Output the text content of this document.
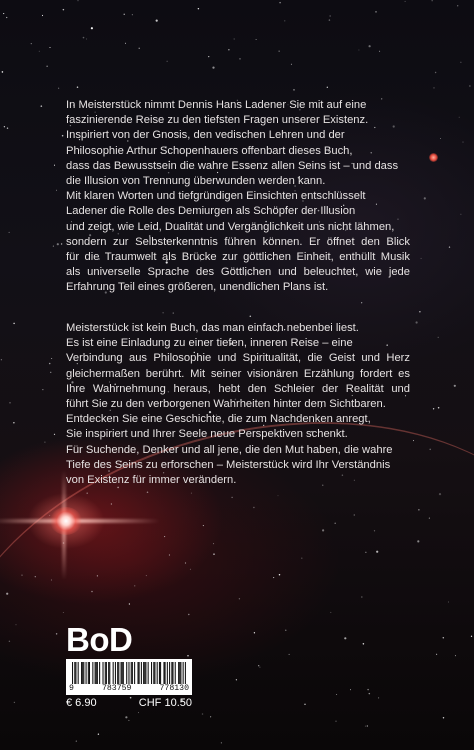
In Meisterstück nimmt Dennis Hans Ladener Sie mit auf eine
faszinierende Reise zu den tiefsten Fragen unserer Existenz.
Inspiriert von der Gnosis, den vedischen Lehren und der
Philosophie Arthur Schopenhauers offenbart dieses Buch,
dass das Bewusstsein die wahre Essenz allen Seins ist – und dass
die Illusion von Trennung überwunden werden kann.
Mit klaren Worten und tiefgründigen Einsichten entschlüsselt
Ladener die Rolle des Demiurgen als Schöpfer der Illusion
und zeigt, wie Leid, Dualität und Vergänglichkeit uns nicht lähmen,
sondern zur Selbsterkenntnis führen können. Er öffnet den Blick
für die Traumwelt als Brücke zur göttlichen Einheit, enthüllt Musik
als universelle Sprache des Göttlichen und beleuchtet, wie jede
Erfahrung Teil eines größeren, unendlichen Plans ist.
Meisterstück ist kein Buch, das man einfach nebenbei liest.
Es ist eine Einladung zu einer tiefen, inneren Reise – eine
Verbindung aus Philosophie und Spiritualität, die Geist und Herz
gleichermaßen berührt. Mit seiner visionären Erzählung fordert es
Ihre Wahrnehmung heraus, hebt den Schleier der Realität und
führt Sie zu den verborgenen Wahrheiten hinter dem Sichtbaren.
Entdecken Sie eine Geschichte, die zum Nachdenken anregt,
Sie inspiriert und Ihrer Seele neue Perspektiven schenkt.
Für Suchende, Denker und all jene, die den Mut haben, die wahre
Tiefe des Seins zu erforschen – Meisterstück wird Ihr Verständnis
von Existenz für immer verändern.
BoD
9	783759	778130
€ 6.90	CHF 10.50
